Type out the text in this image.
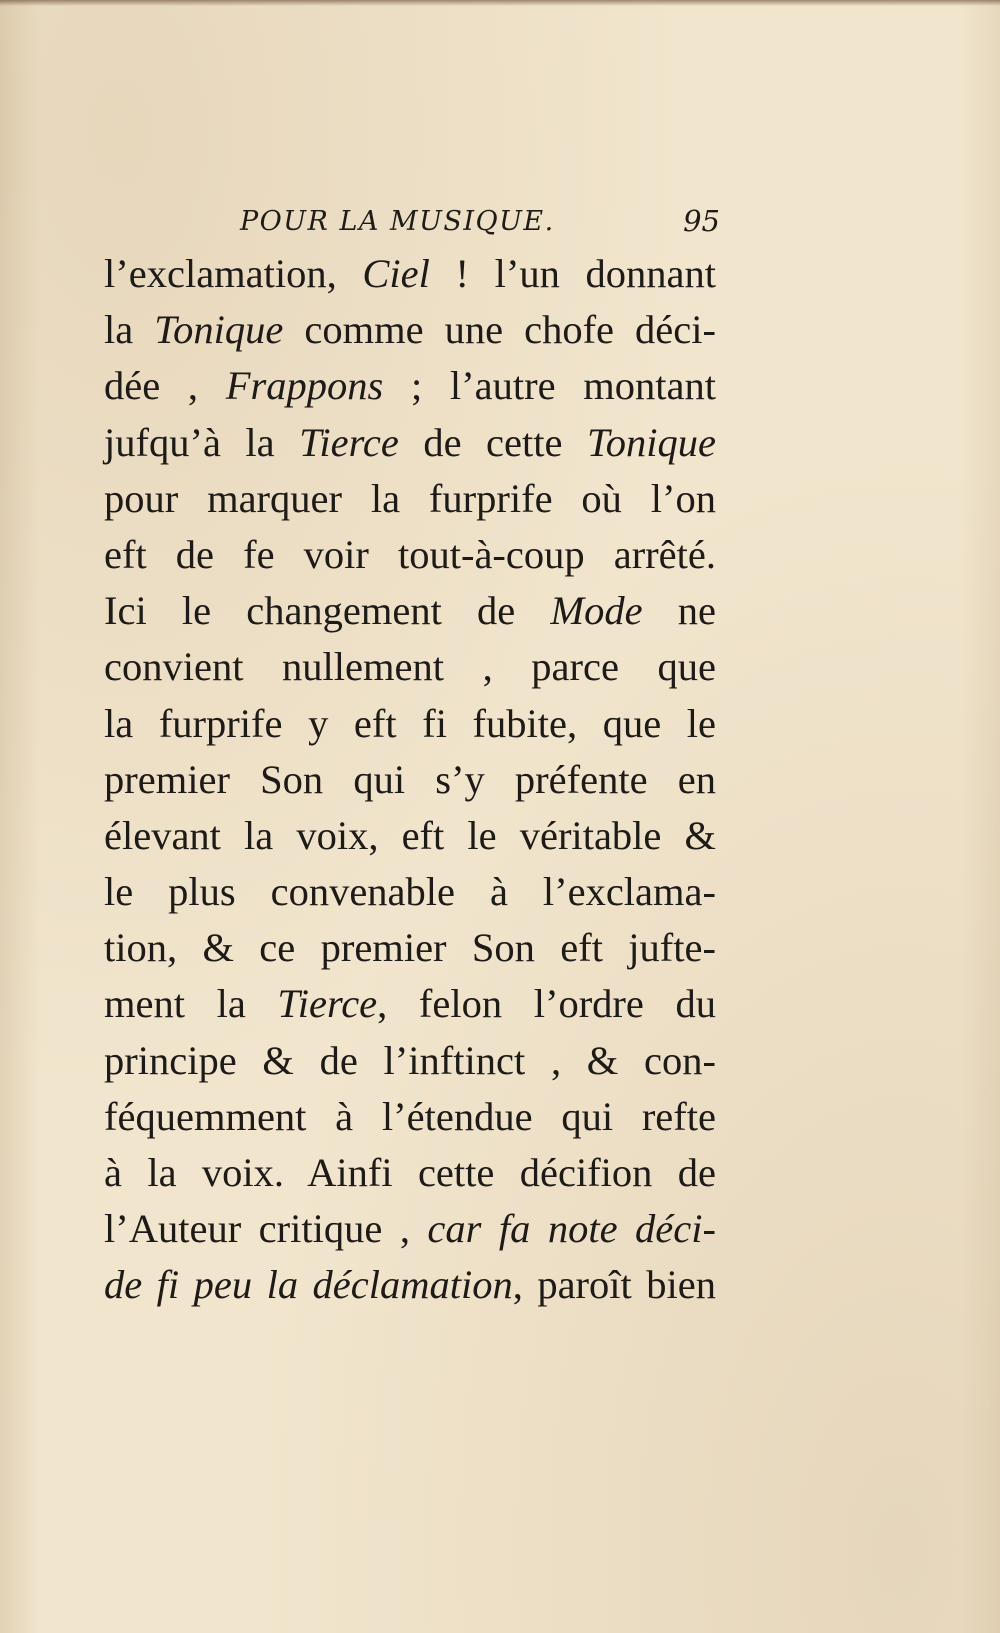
POUR LA MUSIQUE.	95
l’exclamation, Ciel ! l’un donnant
la Tonique comme une chofe déci-
dée , Frappons ; l’autre montant
jufqu’à la Tierce de cette Tonique
pour marquer la furprife où l’on
eft de fe voir tout-à-coup arrêté.
Ici le changement de Mode ne
convient nullement , parce que
la furprife y eft fi fubite, que le
premier Son qui s’y préfente en
élevant la voix, eft le véritable &
le plus convenable à l’exclama-
tion, & ce premier Son eft jufte-
ment la Tierce, felon l’ordre du
principe & de l’inftinct , & con-
féquemment à l’étendue qui refte
à la voix. Ainfi cette décifion de
l’Auteur critique , car fa note déci-
de fi peu la déclamation, paroît bien
